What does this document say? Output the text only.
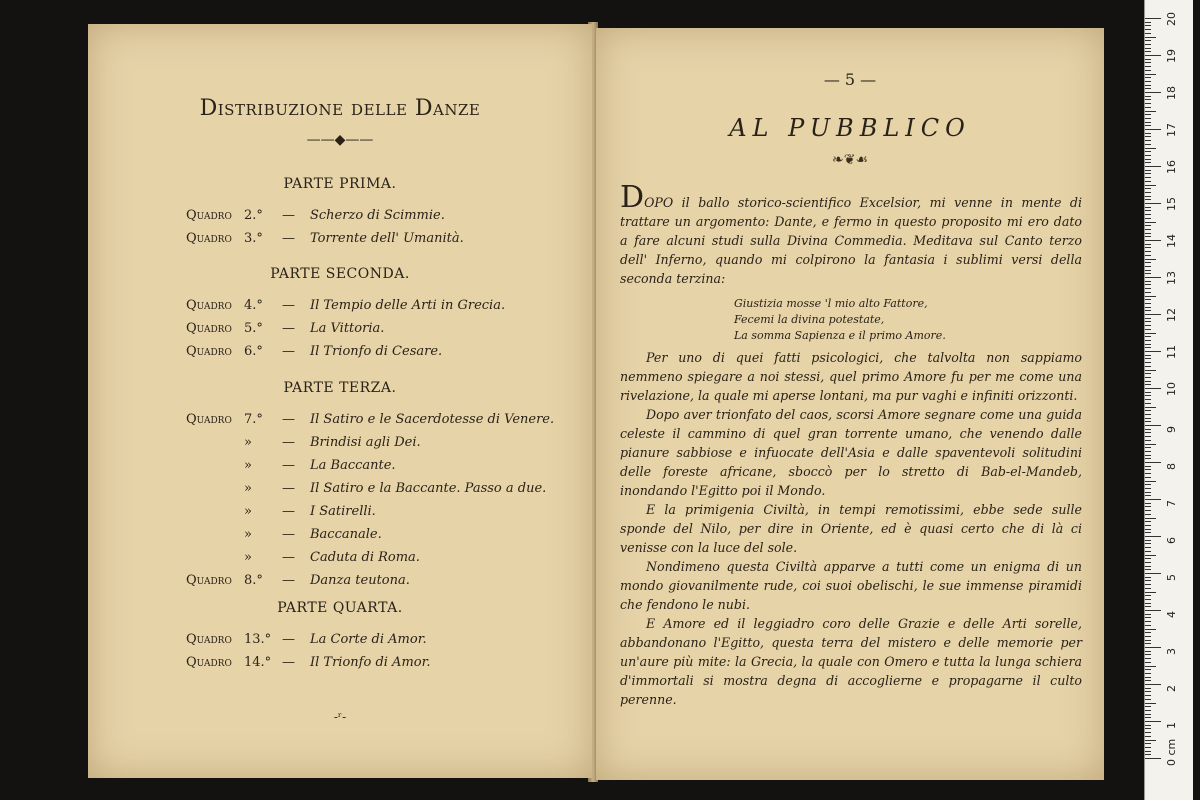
Distribuzione delle Danze
——◆——
PARTE PRIMA.
Quadro 2.° — Scherzo di Scimmie.
Quadro 3.° — Torrente dell' Umanità.
PARTE SECONDA.
Quadro 4.° — Il Tempio delle Arti in Grecia.
Quadro 5.° — La Vittoria.
Quadro 6.° — Il Trionfo di Cesare.
PARTE TERZA.
Quadro 7.° — Il Satiro e le Sacerdotesse di Venere.
» — Brindisi agli Dei.
» — La Baccante.
» — Il Satiro e la Baccante. Passo a due.
» — I Satirelli.
» — Baccanale.
» — Caduta di Roma.
Quadro 8.° — Danza teutona.
PARTE QUARTA.
Quadro 13.° — La Corte di Amor.
Quadro 14.° — Il Trionfo di Amor.
-ʳ-
— 5 —
AL PUBBLICO
❧❦☙

DOPO il ballo storico-scientifico Excelsior, mi venne in mente di trattare un argomento: Dante, e fermo in questo proposito mi ero dato a fare alcuni studi sulla Divina Commedia. Meditava sul Canto terzo dell' Inferno, quando mi colpirono la fantasia i sublimi versi della seconda terzina:

Giustizia mosse 'l mio alto Fattore,
Fecemi la divina potestate,
La somma Sapienza e il primo Amore.

Per uno di quei fatti psicologici, che talvolta non sappiamo nemmeno spiegare a noi stessi, quel primo Amore fu per me come una rivelazione, la quale mi aperse lontani, ma pur vaghi e infiniti orizzonti.

Dopo aver trionfato del caos, scorsi Amore segnare come una guida celeste il cammino di quel gran torrente umano, che venendo dalle pianure sabbiose e infuocate dell'Asia e dalle spaventevoli solitudini delle foreste africane, sboccò per lo stretto di Bab-el-Mandeb, inondando l'Egitto poi il Mondo.

E la primigenia Civiltà, in tempi remotissimi, ebbe sede sulle sponde del Nilo, per dire in Oriente, ed è quasi certo che di là ci venisse con la luce del sole.

Nondimeno questa Civiltà apparve a tutti come un enigma di un mondo giovanilmente rude, coi suoi obelischi, le sue immense piramidi che fendono le nubi.

E Amore ed il leggiadro coro delle Grazie e delle Arti sorelle, abbandonano l'Egitto, questa terra del mistero e delle memorie per un'aure più mite: la Grecia, la quale con Omero e tutta la lunga schiera d'immortali si mostra degna di accoglierne e propagarne il culto perenne.

20
19
18
17
16
15
14
13
12
11
10
9
8
7
6
5
4
3
2
1
0 cm
